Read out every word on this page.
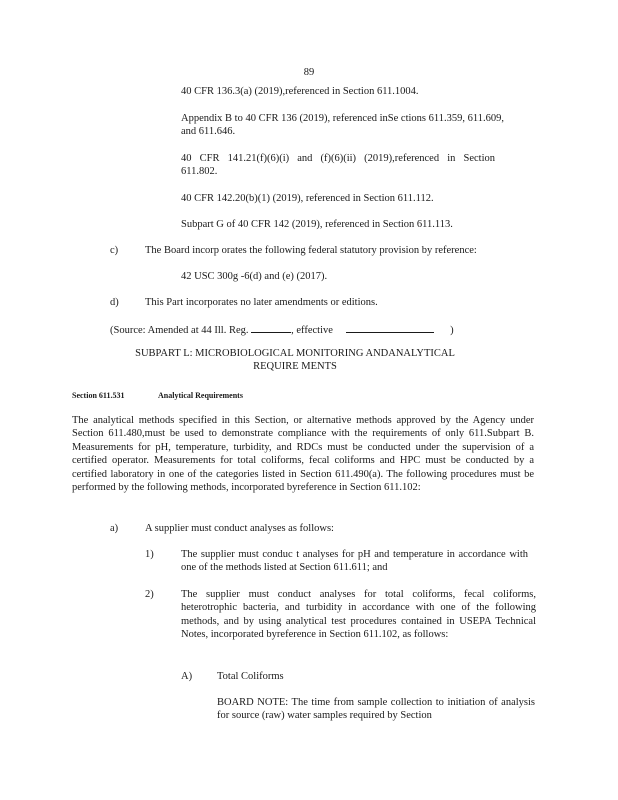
89
40 CFR 136.3(a) (2019),referenced in Section 611.1004.
Appendix B to 40 CFR 136 (2019), referenced inSe ctions 611.359, 611.609, and 611.646.
40 CFR 141.21(f)(6)(i) and (f)(6)(ii) (2019),referenced in Section 611.802.
40 CFR 142.20(b)(1) (2019), referenced in Section 611.112.
Subpart G of 40 CFR 142 (2019), referenced in Section 611.113.
c)	The Board incorp orates the following federal statutory provision by reference:
42 USC 300g -6(d) and (e) (2017).
d)	This Part incorporates no later amendments or editions.
(Source: Amended at 44 Ill. Reg.	, effective	)
SUBPART L: MICROBIOLOGICAL MONITORING ANDANALYTICAL
REQUIRE MENTS
Section 611.531	Analytical Requirements
The analytical methods specified in this Section, or alternative methods approved by the Agency under Section 611.480,must be used to demonstrate compliance with the requirements of only 611.Subpart B. Measurements for pH, temperature, turbidity, and RDCs must be conducted under the supervision of a certified operator. Measurements for total coliforms, fecal coliforms and HPC must be conducted by a certified laboratory in one of the categories listed in Section 611.490(a). The following procedures must be performed by the following methods, incorporated byreference in Section 611.102:
a)	A supplier must conduct analyses as follows:
1)	The supplier must conduc t analyses for pH and temperature in accordance with one of the methods listed at Section 611.611; and
2)	The supplier must conduct analyses for total coliforms, fecal coliforms, heterotrophic bacteria, and turbidity in accordance with one of the following methods, and by using analytical test procedures contained in USEPA Technical Notes, incorporated byreference in Section 611.102, as follows:
A) Total Coliforms
BOARD NOTE: The time from sample collection to initiation of analysis for source (raw) water samples required by Section
